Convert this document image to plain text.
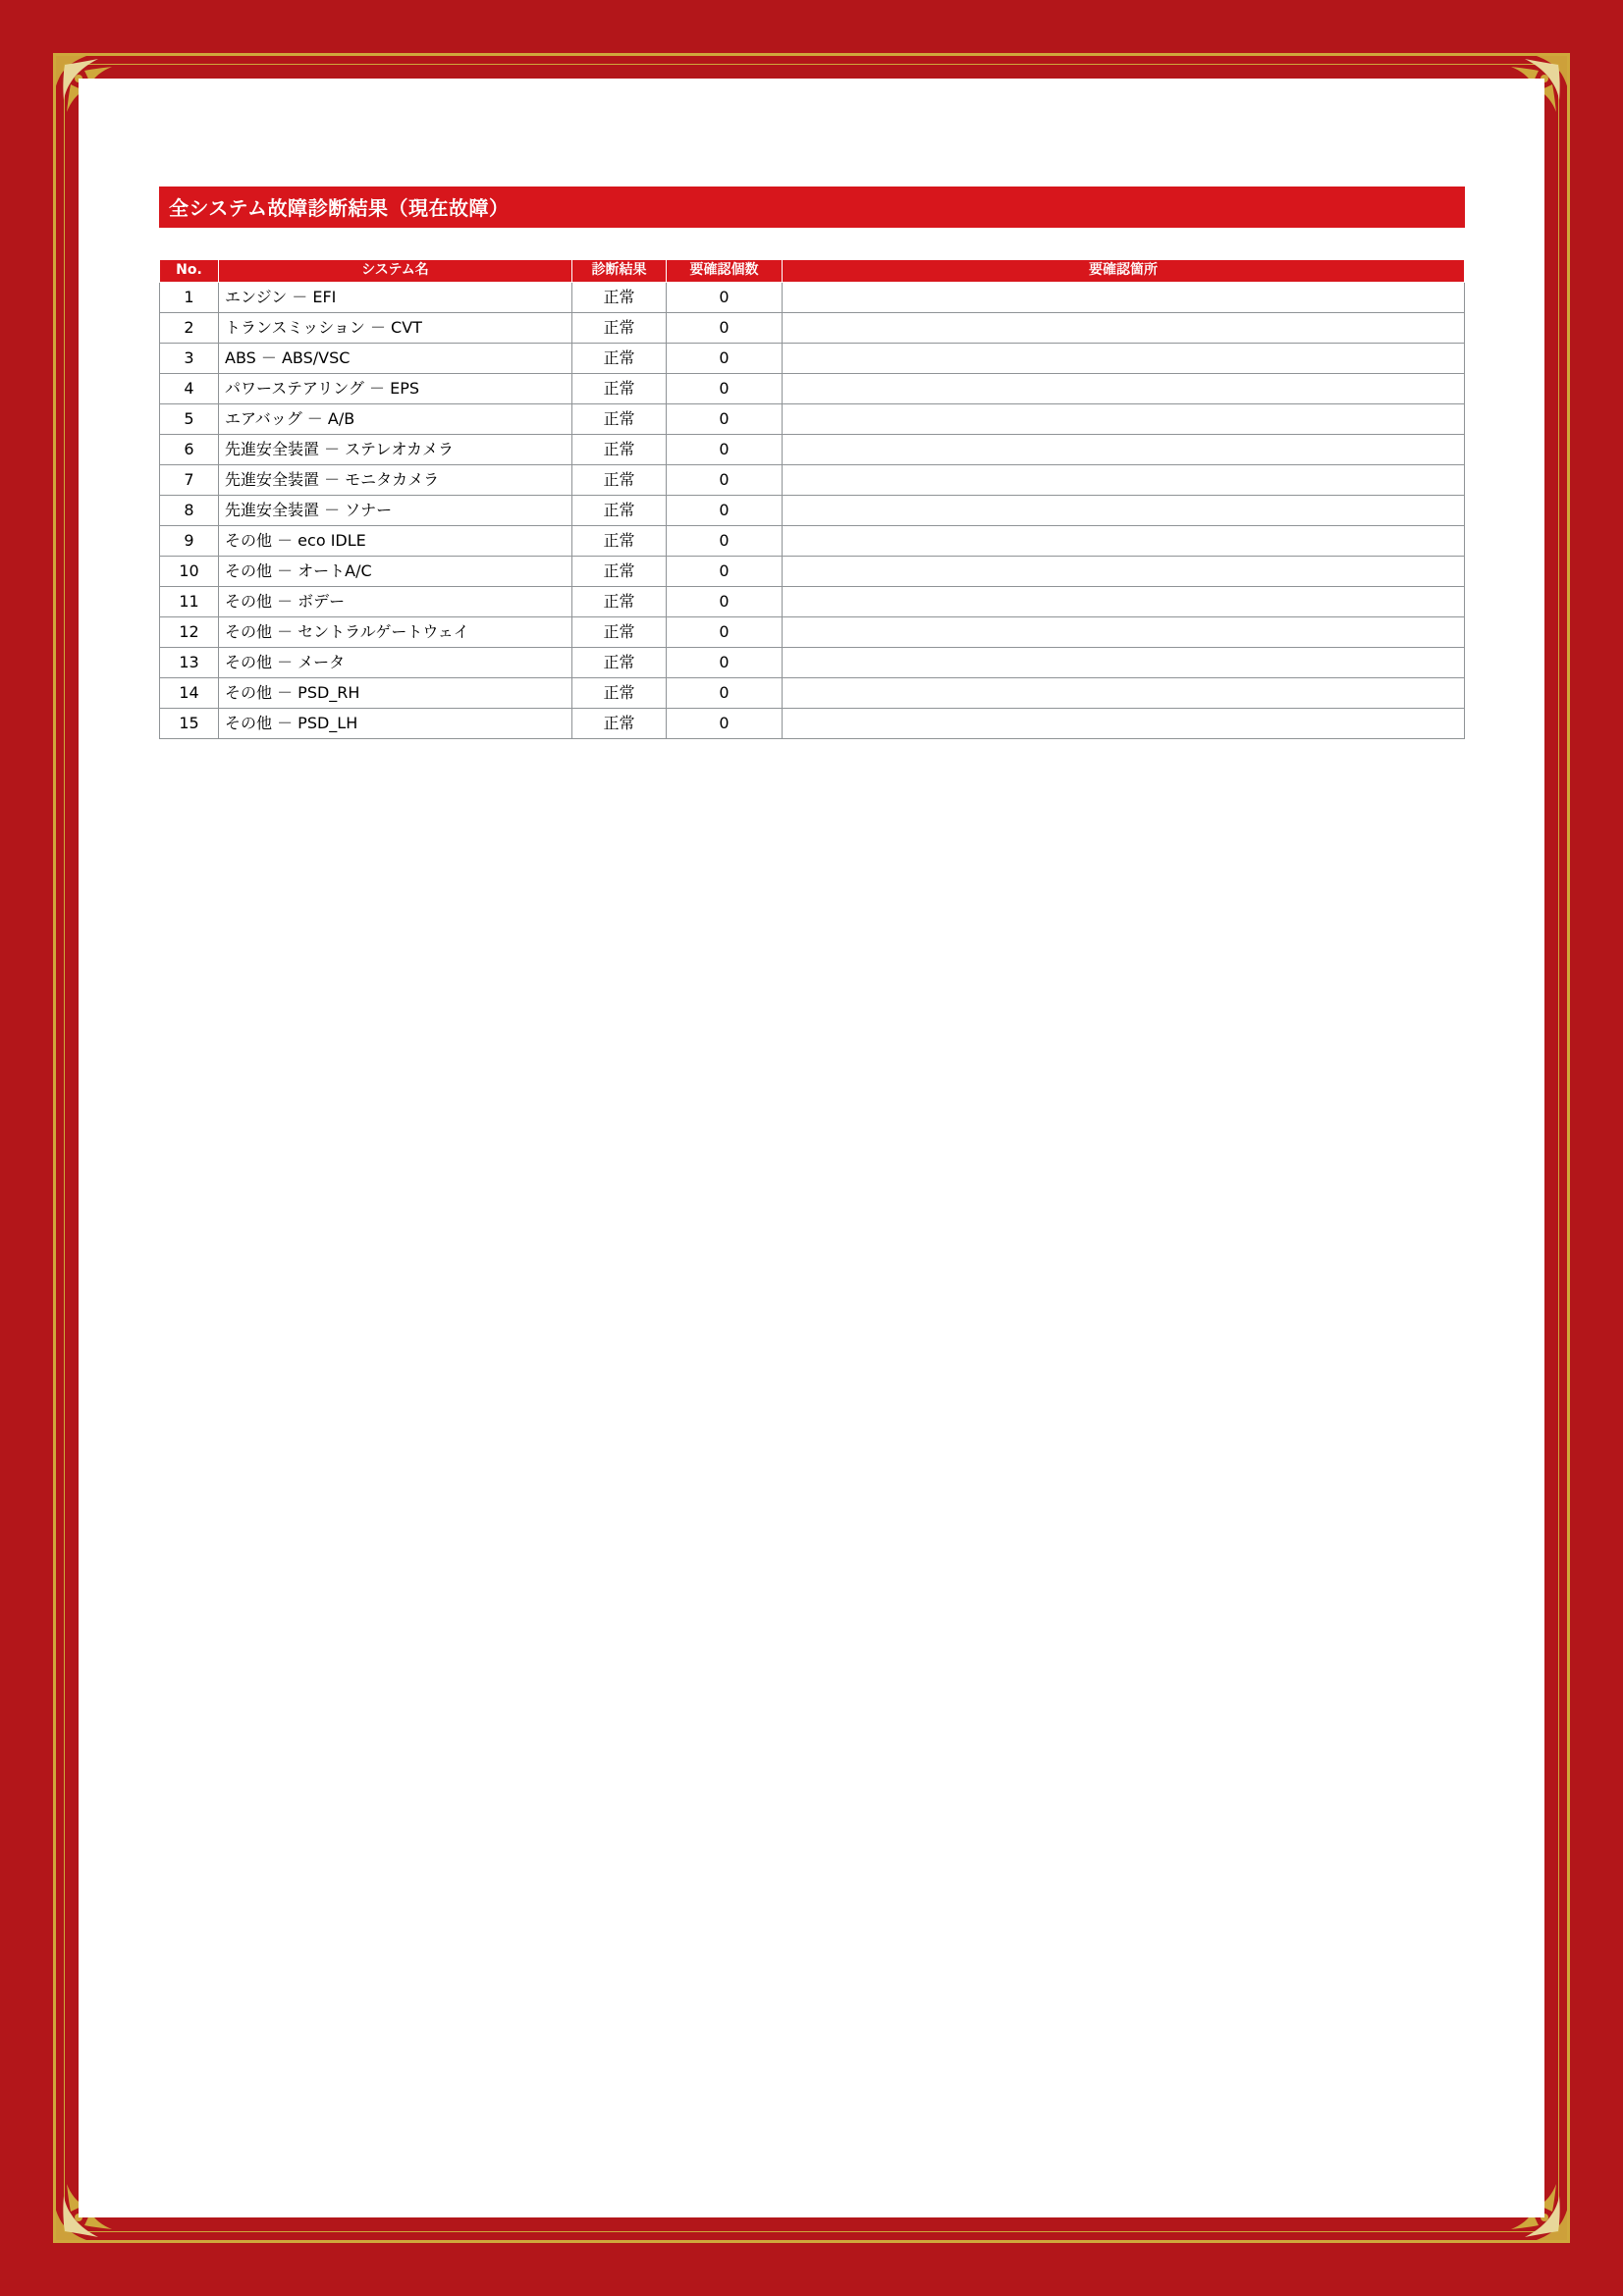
全システム故障診断結果（現在故障）
No.	システム名	診断結果	要確認個数	要確認箇所
1	エンジン － EFI	正常	0	
2	トランスミッション － CVT	正常	0	
3	ABS － ABS/VSC	正常	0	
4	パワーステアリング － EPS	正常	0	
5	エアバッグ － A/B	正常	0	
6	先進安全装置 － ステレオカメラ	正常	0	
7	先進安全装置 － モニタカメラ	正常	0	
8	先進安全装置 － ソナー	正常	0	
9	その他 － eco IDLE	正常	0	
10	その他 － オートA/C	正常	0	
11	その他 － ボデー	正常	0	
12	その他 － セントラルゲートウェイ	正常	0	
13	その他 － メータ	正常	0	
14	その他 － PSD_RH	正常	0	
15	その他 － PSD_LH	正常	0	
